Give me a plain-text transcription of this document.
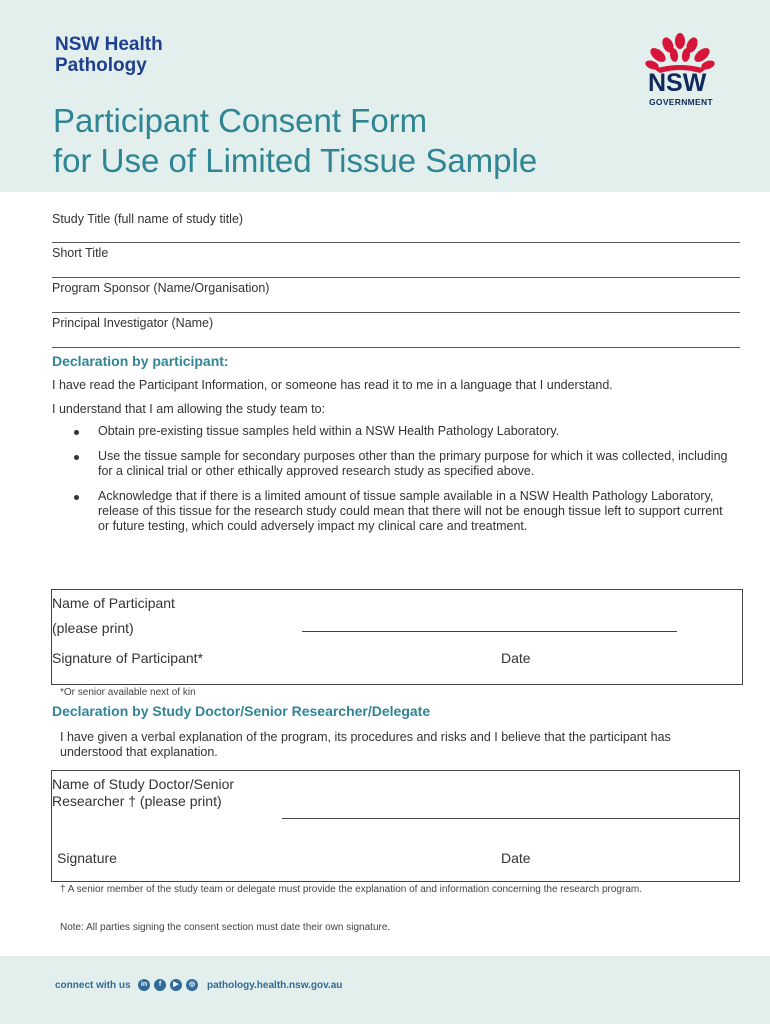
NSW Health
Pathology
NSW
GOVERNMENT
Participant Consent Form
for Use of Limited Tissue Sample
Study Title (full name of study title)
Short Title
Program Sponsor (Name/Organisation)
Principal Investigator (Name)
Declaration by participant:
I have read the Participant Information, or someone has read it to me in a language that I understand.
I understand that I am allowing the study team to:
Obtain pre-existing tissue samples held within a NSW Health Pathology Laboratory.
Use the tissue sample for secondary purposes other than the primary purpose for which it was collected, including for a clinical trial or other ethically approved research study as specified above.
Acknowledge that if there is a limited amount of tissue sample available in a NSW Health Pathology Laboratory, release of this tissue for the research study could mean that there will not be enough tissue left to support current or future testing, which could adversely impact my clinical care and treatment.
Name of Participant
(please print)
Signature of Participant*	Date
*Or senior available next of kin
Declaration by Study Doctor/Senior Researcher/Delegate
I have given a verbal explanation of the program, its procedures and risks and I believe that the participant has understood that explanation.
Name of Study Doctor/Senior
Researcher † (please print)
Signature	Date
† A senior member of the study team or delegate must provide the explanation of and information concerning the research program.
Note: All parties signing the consent section must date their own signature.
connect with us	in	f	▶	◎ pathology.health.nsw.gov.au
